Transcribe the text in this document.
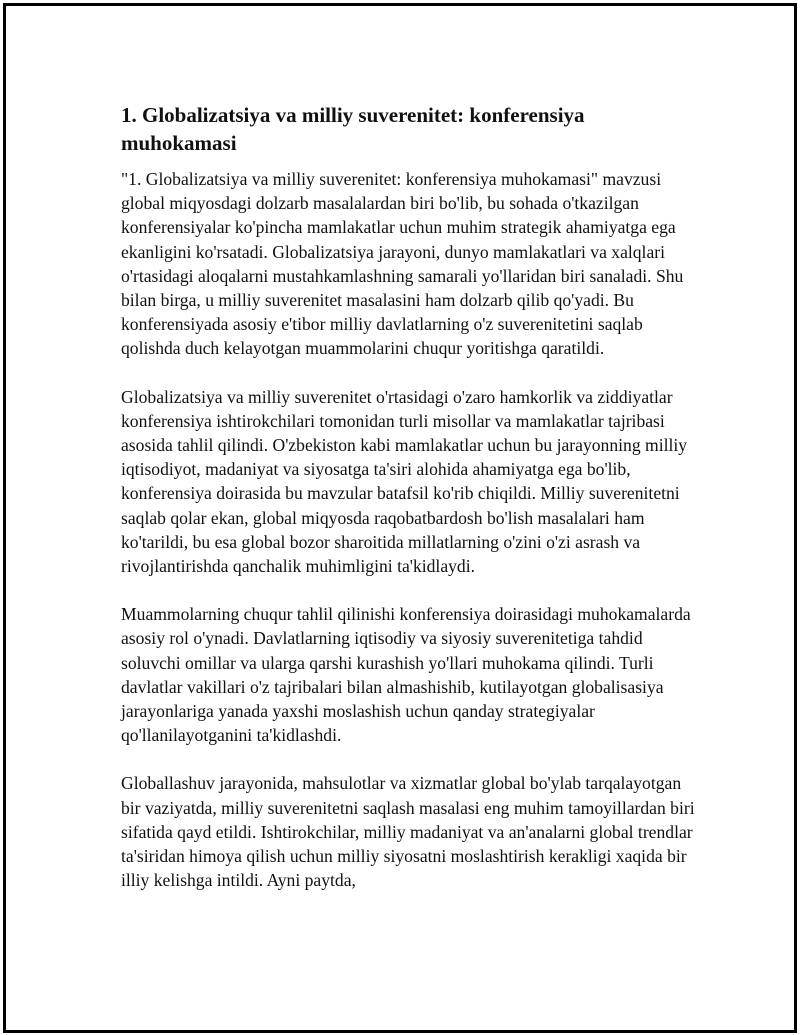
1. Globalizatsiya va milliy suverenitet: konferensiya muhokamasi

"1. Globalizatsiya va milliy suverenitet: konferensiya muhokamasi" mavzusi global miqyosdagi dolzarb masalalardan biri bo'lib, bu sohada o'tkazilgan konferensiyalar ko'pincha mamlakatlar uchun muhim strategik ahamiyatga ega ekanligini ko'rsatadi. Globalizatsiya jarayoni, dunyo mamlakatlari va xalqlari o'rtasidagi aloqalarni mustahkamlashning samarali yo'llaridan biri sanaladi. Shu bilan birga, u milliy suverenitet masalasini ham dolzarb qilib qo'yadi. Bu konferensiyada asosiy e'tibor milliy davlatlarning o'z suverenitetini saqlab qolishda duch kelayotgan muammolarini chuqur yoritishga qaratildi.

Globalizatsiya va milliy suverenitet o'rtasidagi o'zaro hamkorlik va ziddiyatlar konferensiya ishtirokchilari tomonidan turli misollar va mamlakatlar tajribasi asosida tahlil qilindi. O'zbekiston kabi mamlakatlar uchun bu jarayonning milliy iqtisodiyot, madaniyat va siyosatga ta'siri alohida ahamiyatga ega bo'lib, konferensiya doirasida bu mavzular batafsil ko'rib chiqildi. Milliy suverenitetni saqlab qolar ekan, global miqyosda raqobatbardosh bo'lish masalalari ham ko'tarildi, bu esa global bozor sharoitida millatlarning o'zini o'zi asrash va rivojlantirishda qanchalik muhimligini ta'kidlaydi.

Muammolarning chuqur tahlil qilinishi konferensiya doirasidagi muhokamalarda asosiy rol o'ynadi. Davlatlarning iqtisodiy va siyosiy suverenitetiga tahdid soluvchi omillar va ularga qarshi kurashish yo'llari muhokama qilindi. Turli davlatlar vakillari o'z tajribalari bilan almashishib, kutilayotgan globalisasiya jarayonlariga yanada yaxshi moslashish uchun qanday strategiyalar qo'llanilayotganini ta'kidlashdi.

Globallashuv jarayonida, mahsulotlar va xizmatlar global bo'ylab tarqalayotgan bir vaziyatda, milliy suverenitetni saqlash masalasi eng muhim tamoyillardan biri sifatida qayd etildi. Ishtirokchilar, milliy madaniyat va an'analarni global trendlar ta'siridan himoya qilish uchun milliy siyosatni moslashtirish kerakligi xaqida bir illiy kelishga intildi. Ayni paytda,
